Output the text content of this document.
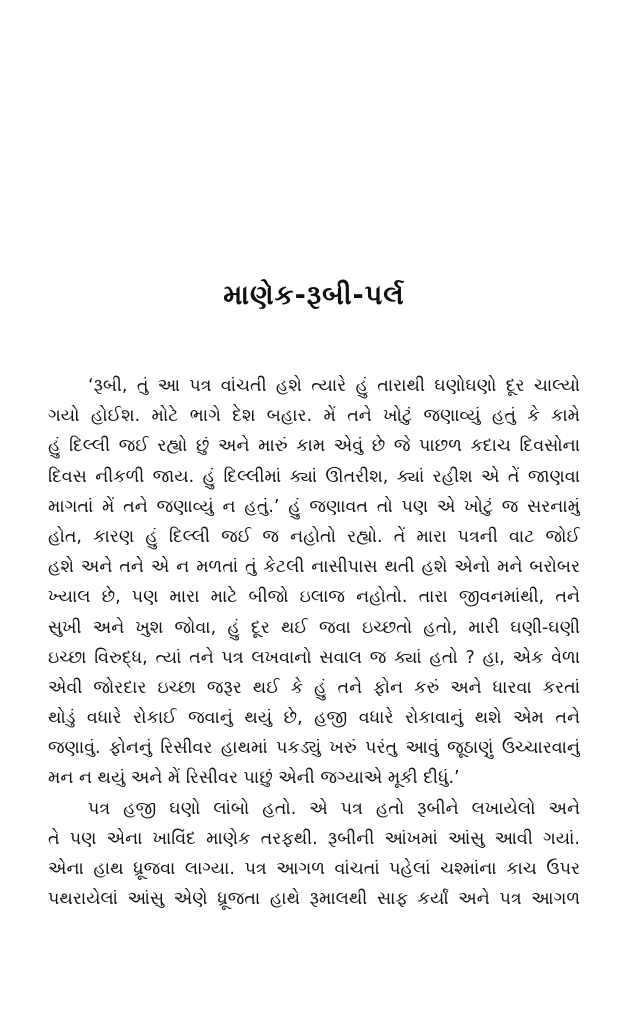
માણેક-રૂબી-પર્લ
‘રૂબી, તું આ પત્ર વાંચતી હશે ત્યારે હું તારાથી ઘણોઘણો દૂર ચાલ્યો
ગયો હોઈશ. મોટે ભાગે દેશ બહાર. મેં તને ખોટું જણાવ્યું હતું કે કામે
હું દિલ્લી જઈ રહ્યો છું અને મારું કામ એવું છે જે પાછળ કદાચ દિવસોના
દિવસ નીકળી જાય. હું દિલ્લીમાં ક્યાં ઊતરીશ, ક્યાં રહીશ એ તેં જાણવા
માગતાં મેં તને જણાવ્યું ન હતું.’ હું જણાવત તો પણ એ ખોટું જ સરનામું
હોત, કારણ હું દિલ્લી જઈ જ નહોતો રહ્યો. તેં મારા પત્રની વાટ જોઈ
હશે અને તને એ ન મળતાં તું કેટલી નાસીપાસ થતી હશે એનો મને બરોબર
ખ્યાલ છે, પણ મારા માટે બીજો ઇલાજ નહોતો. તારા જીવનમાંથી, તને
સુખી અને ખુશ જોવા, હું દૂર થઈ જવા ઇચ્છતો હતો, મારી ઘણી-ઘણી
ઇચ્છા વિરુદ્ધ, ત્યાં તને પત્ર લખવાનો સવાલ જ ક્યાં હતો ? હા, એક વેળા
એવી જોરદાર ઇચ્છા જરૂર થઈ કે હું તને ફોન કરું અને ધારવા કરતાં
થોડું વધારે રોકાઈ જવાનું થયું છે, હજી વધારે રોકાવાનું થશે એમ તને
જણાવું. ફોનનું રિસીવર હાથમાં પકડ્યું ખરું પરંતુ આવું જૂઠાણું ઉચ્ચારવાનું
મન ન થયું અને મેં રિસીવર પાછું એની જગ્યાએ મૂકી દીધું.’
પત્ર હજી ઘણો લાંબો હતો. એ પત્ર હતો રૂબીને લખાયેલો અને
તે પણ એના ખાવિંદ માણેક તરફથી. રૂબીની આંખમાં આંસુ આવી ગયાં.
એના હાથ ધ્રૂજવા લાગ્યા. પત્ર આગળ વાંચતાં પહેલાં ચશ્માંના કાચ ઉપર
પથરાયેલાં આંસુ એણે ધ્રૂજતા હાથે રૂમાલથી સાફ કર્યાં અને પત્ર આગળ
